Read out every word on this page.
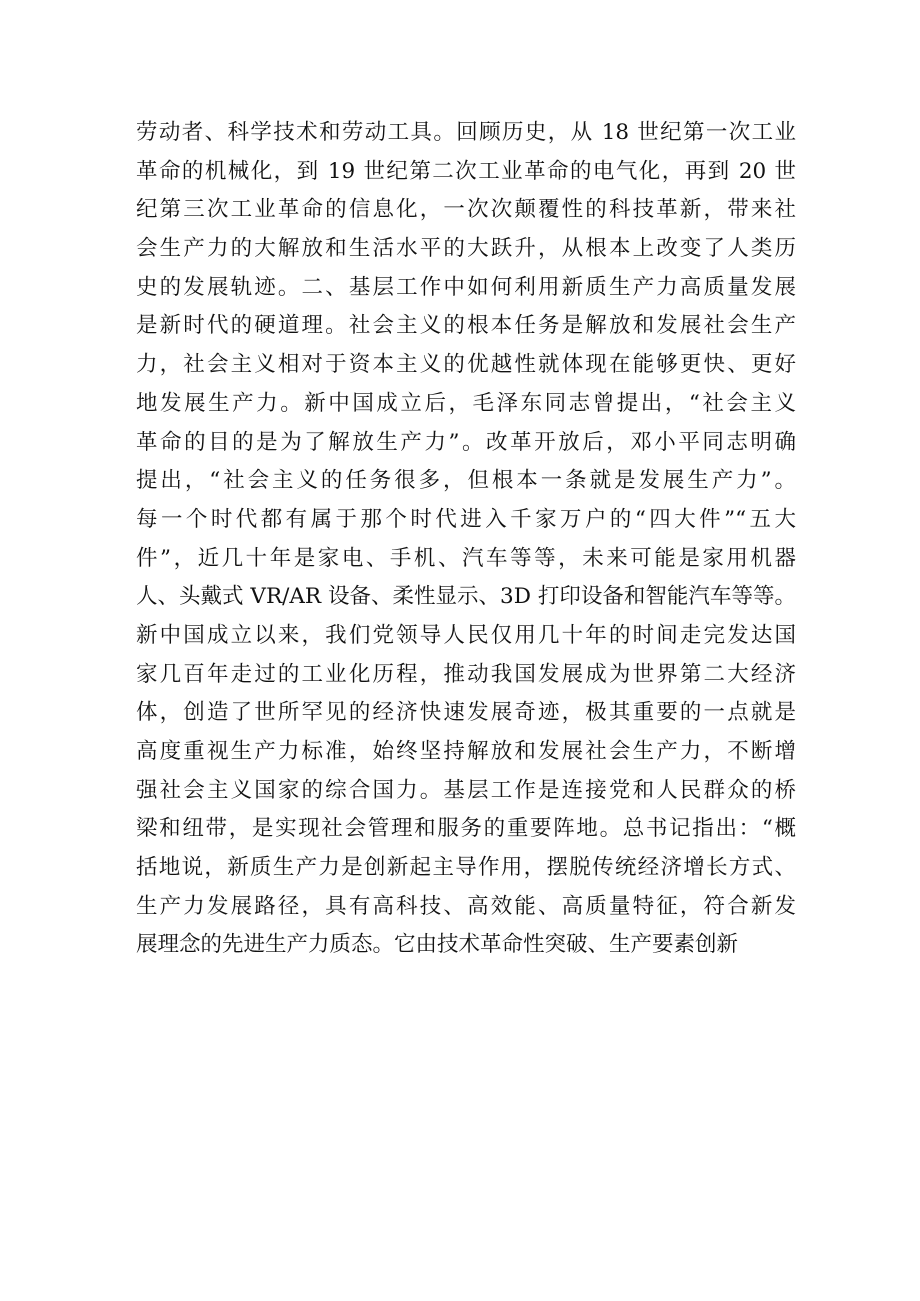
劳动者、科学技术和劳动工具。回顾历史，从 18 世纪第一次工业
革命的机械化，到 19 世纪第二次工业革命的电气化，再到 20 世
纪第三次工业革命的信息化，一次次颠覆性的科技革新，带来社
会生产力的大解放和生活水平的大跃升，从根本上改变了人类历
史的发展轨迹。二、基层工作中如何利用新质生产力高质量发展
是新时代的硬道理。社会主义的根本任务是解放和发展社会生产
力，社会主义相对于资本主义的优越性就体现在能够更快、更好
地发展生产力。新中国成立后，毛泽东同志曾提出，“社会主义
革命的目的是为了解放生产力”。改革开放后，邓小平同志明确
提出，“社会主义的任务很多，但根本一条就是发展生产力”。
每一个时代都有属于那个时代进入千家万户的“四大件”“五大
件”，近几十年是家电、手机、汽车等等，未来可能是家用机器
人、头戴式 VR/AR 设备、柔性显示、3D 打印设备和智能汽车等等。
新中国成立以来，我们党领导人民仅用几十年的时间走完发达国
家几百年走过的工业化历程，推动我国发展成为世界第二大经济
体，创造了世所罕见的经济快速发展奇迹，极其重要的一点就是
高度重视生产力标准，始终坚持解放和发展社会生产力，不断增
强社会主义国家的综合国力。基层工作是连接党和人民群众的桥
梁和纽带，是实现社会管理和服务的重要阵地。总书记指出：“概
括地说，新质生产力是创新起主导作用，摆脱传统经济增长方式、
生产力发展路径，具有高科技、高效能、高质量特征，符合新发
展理念的先进生产力质态。它由技术革命性突破、生产要素创新
